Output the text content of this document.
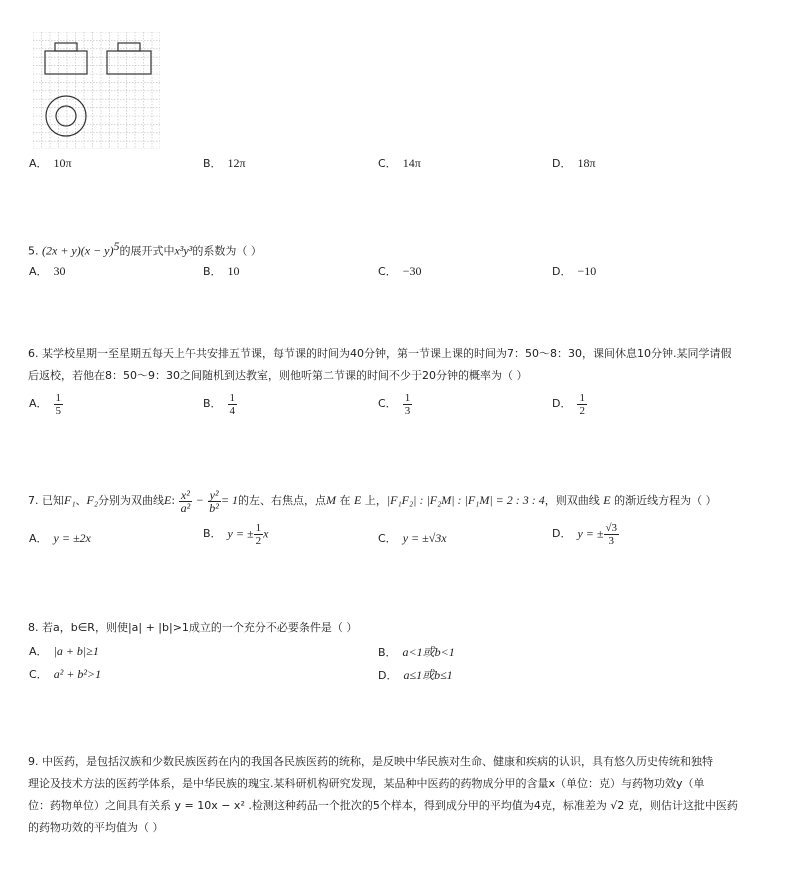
A． 10π	B． 12π	C． 14π	D． 18π
5. $(2x + y)(x - y)^5$的展开式中x³y³的系数为（ ）
A． 30	B． 10	C． −30	D． −10
6. 某学校星期一至星期五每天上午共安排五节课，每节课的时间为40分钟，第一节课上课的时间为7：50～8：30，课间休息10分钟.某同学请假
后返校，若他在8：50～9：30之间随机到达教室，则他听第二节课的时间不少于20分钟的概率为（ ）
A． $\frac{1}{5}$	B． $\frac{1}{4}$	C． $\frac{1}{3}$	D． $\frac{1}{2}$
7. 已知F₁、F₂分别为双曲线E: $\frac{\text{x²}}{\text{a²}} - \frac{\text{y²}}{\text{b²}} = 1$的左、右焦点，点M 在 E 上，|F₁F₂| : |F₂M| : |F₁M| = 2 : 3 : 4，则双曲线 E 的渐近线方程为（ ）
A． y = ±2x	B． y = ± $\frac{1}{2}$ x	C． y = ±√3x	D． y = ± $\frac{√3}{3}$
8. 若a，b∈R，则使|a| + |b|>1成立的一个充分不必要条件是（ ）
A． |a + b|≥1	B． a<1或b<1
C． a² + b²>1	D． a≤1或b≤1
9. 中医药，是包括汉族和少数民族医药在内的我国各民族医药的统称，是反映中华民族对生命、健康和疾病的认识，具有悠久历史传统和独特
理论及技术方法的医药学体系，是中华民族的瑰宝.某科研机构研究发现，某品种中医药的药物成分甲的含量x（单位：克）与药物功效y（单
位：药物单位）之间具有关系 y = 10x − x² .检测这种药品一个批次的5个样本，得到成分甲的平均值为4克，标准差为 √2 克，则估计这批中医药
的药物功效的平均值为（ ）
